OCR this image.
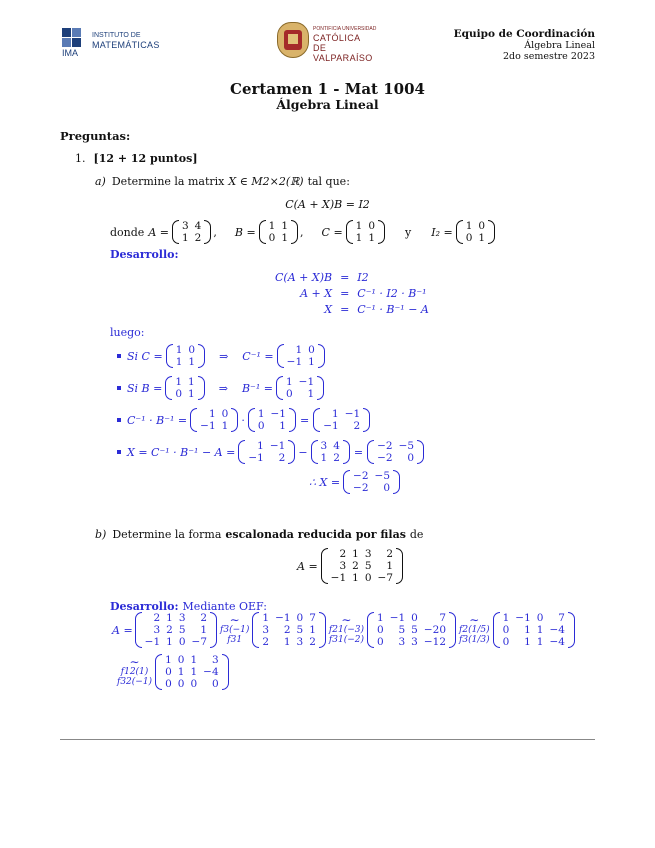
INSTITUTO DE
MATEMÁTICAS
IMA
PONTIFICIA UNIVERSIDAD
CATÓLICA
DE VALPARAÍSO
Equipo de Coordinación
Álgebra Lineal
2do semestre 2023
Certamen 1 - Mat 1004
Álgebra Lineal
Preguntas:
1. [12 + 12 puntos]
a) Determine la matrix X ∈ M2×2(ℝ) tal que:
C(A + X)B = I2
donde A = 3	4
1	2 , B = 1	1
0	1 , C = 1	0
1	1	y I₂ = 1	0
0	1
Desarrollo:
C(A + X)B	=	I2
A + X	=	C⁻¹ · I2 · B⁻¹
X	=	C⁻¹ · B⁻¹ − A
luego:
Si C = 1	0
1	1 ⇒ C⁻¹ = 1	0
−1	1
Si B = 1	1
0	1 ⇒ B⁻¹ = 1	−1
0	1
C⁻¹ · B⁻¹ = 1	0
−1	1 · 1	−1
0	1 = 1	−1
−1	2
X = C⁻¹ · B⁻¹ − A = 1	−1
−1	2 − 3	4
1	2 = −2	−5
−2	0
∴ X = −2	−5
−2	0
b) Determine la forma escalonada reducida por filas de
A =
2	1	3	2
3	2	5	1
−1	1	0	−7
Desarrollo: Mediante OEF:
A =
2	1	3	2
3	2	5	1
−1	1	0	−7
∼
f3(−1)
f31
1	−1	0	7
3	2	5	1
2	1	3	2
∼
f21(−3)
f31(−2)
1	−1	0	7
0	5	5	−20
0	3	3	−12
∼
f2(1/5)
f3(1/3)
1	−1	0	7
0	1	1	−4
0	1	1	−4
∼
f12(1)
f32(−1)
1	0	1	3
0	1	1	−4
0	0	0	0
